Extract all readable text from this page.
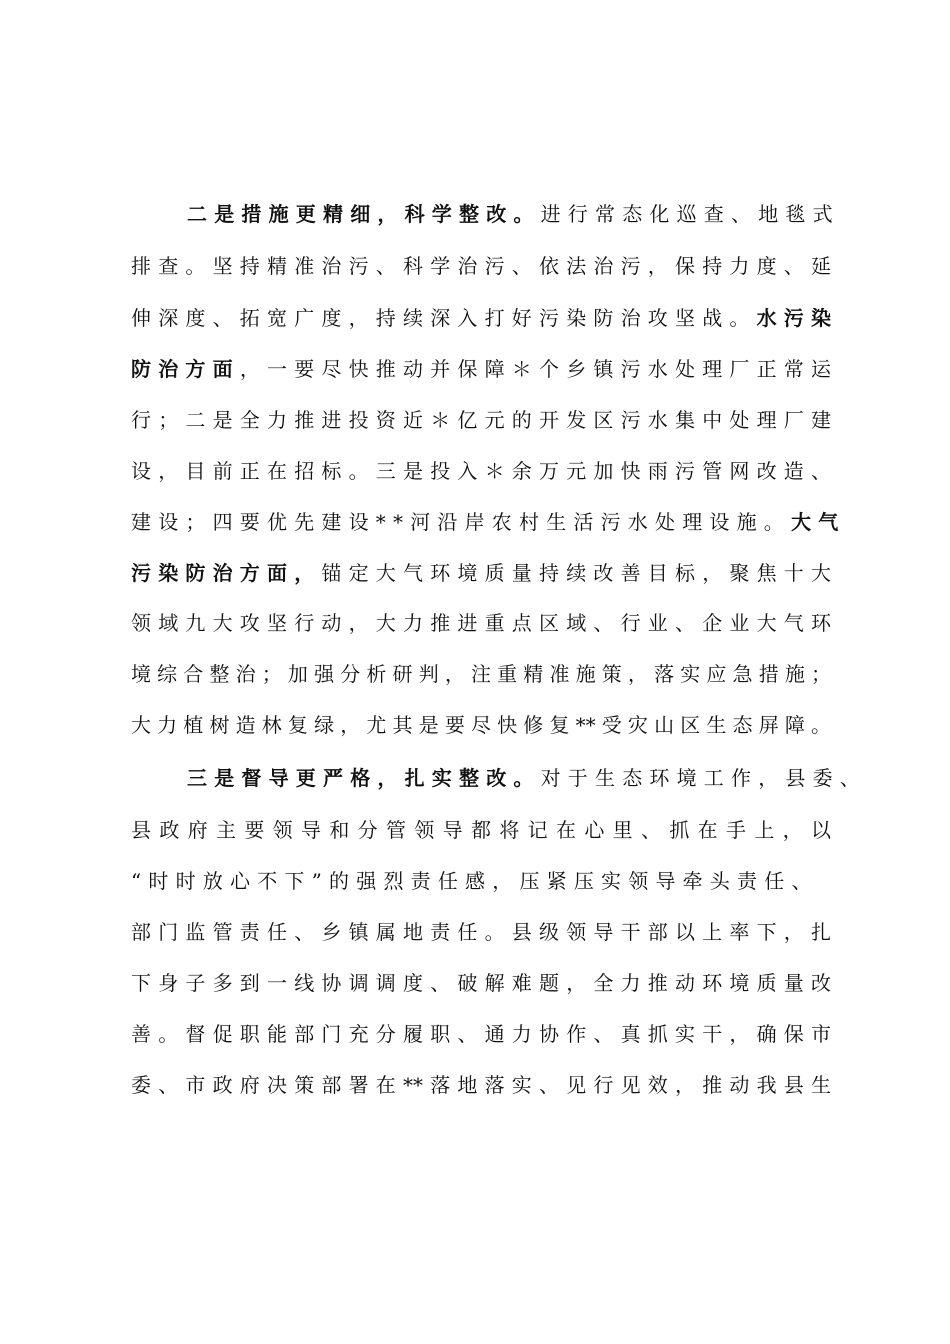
二是措施更精细，科学整改。进行常态化巡查、地毯式
排查。坚持精准治污、科学治污、依法治污，保持力度、延
伸深度、拓宽广度，持续深入打好污染防治攻坚战。水污染
防治方面，一要尽快推动并保障＊个乡镇污水处理厂正常运
行；二是全力推进投资近＊亿元的开发区污水集中处理厂建
设，目前正在招标。三是投入＊余万元加快雨污管网改造、
建设；四要优先建设**河沿岸农村生活污水处理设施。大气
污染防治方面，锚定大气环境质量持续改善目标，聚焦十大
领域九大攻坚行动，大力推进重点区域、行业、企业大气环
境综合整治；加强分析研判，注重精准施策，落实应急措施；
大力植树造林复绿，尤其是要尽快修复**受灾山区生态屏障。
三是督导更严格，扎实整改。对于生态环境工作，县委、
县政府主要领导和分管领导都将记在心里、抓在手上，以
“时时放心不下”的强烈责任感，压紧压实领导牵头责任、
部门监管责任、乡镇属地责任。县级领导干部以上率下，扎
下身子多到一线协调调度、破解难题，全力推动环境质量改
善。督促职能部门充分履职、通力协作、真抓实干，确保市
委、市政府决策部署在**落地落实、见行见效，推动我县生
